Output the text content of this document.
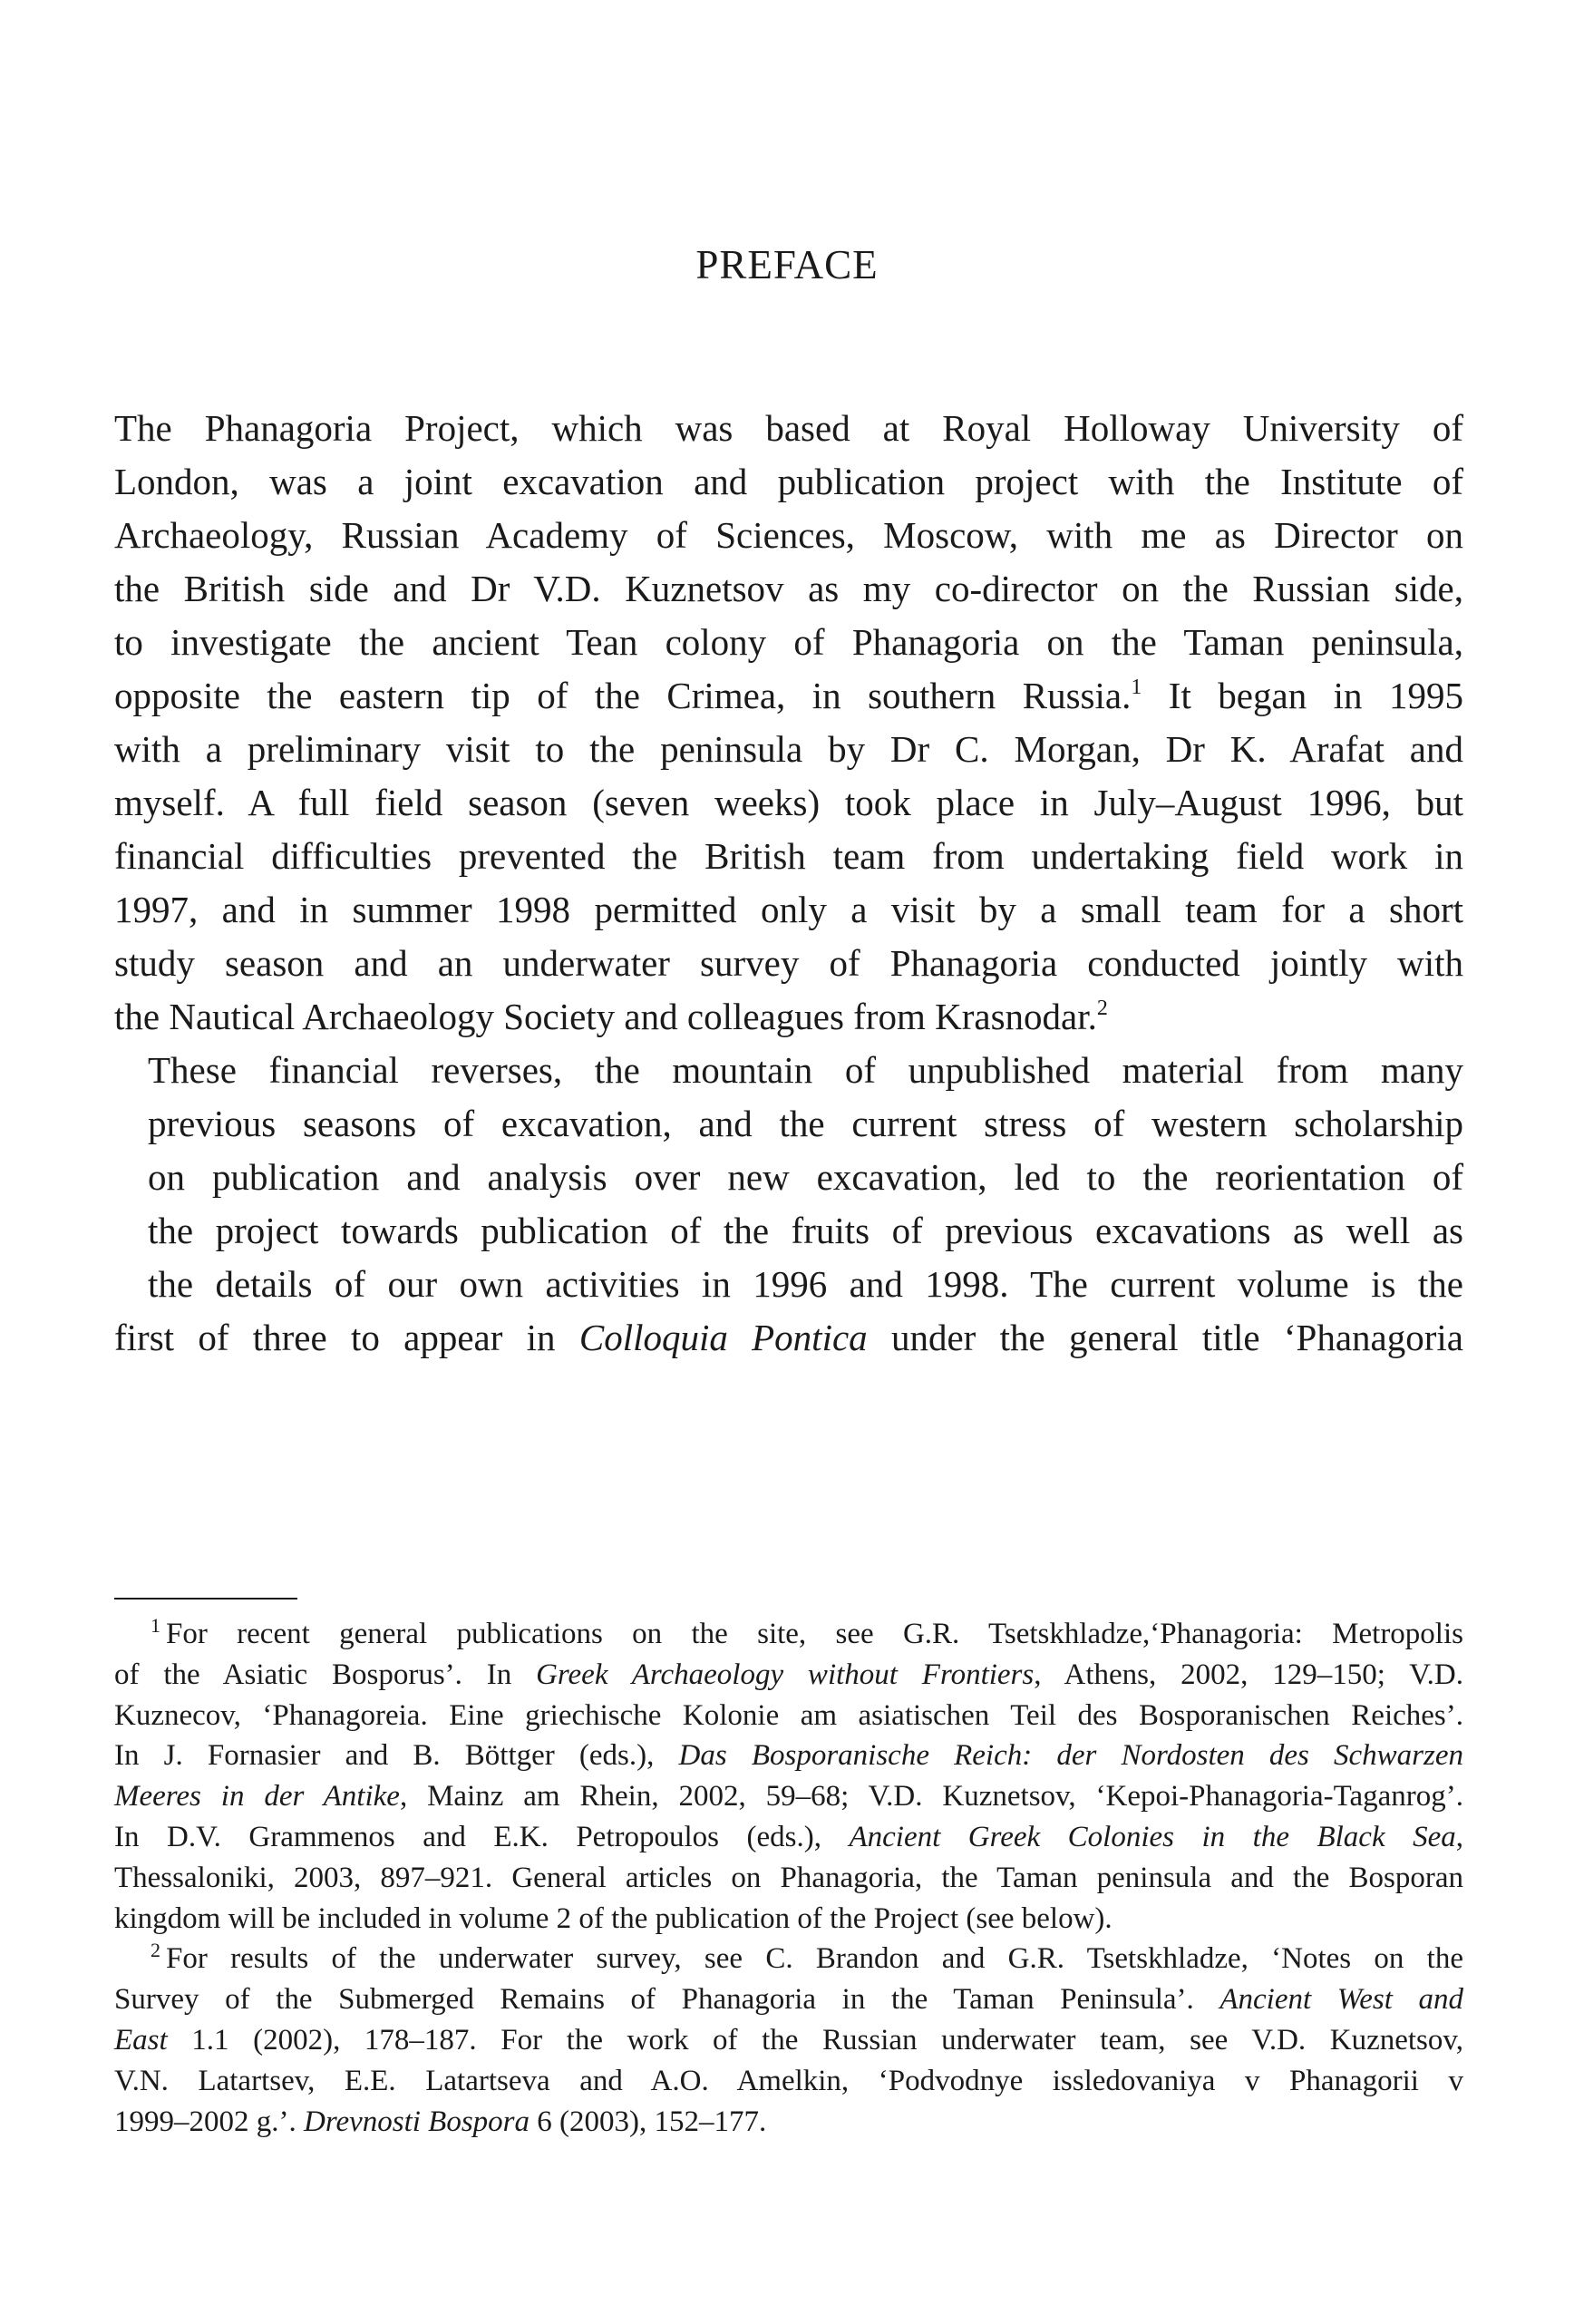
PREFACE

The Phanagoria Project, which was based at Royal Holloway University of
London, was a joint excavation and publication project with the Institute of
Archaeology, Russian Academy of Sciences, Moscow, with me as Director on
the British side and Dr V.D. Kuznetsov as my co-director on the Russian side,
to investigate the ancient Tean colony of Phanagoria on the Taman peninsula,
opposite the eastern tip of the Crimea, in southern Russia.$^1$ It began in 1995
with a preliminary visit to the peninsula by Dr C. Morgan, Dr K. Arafat and
myself. A full field season (seven weeks) took place in July–August 1996, but
financial difficulties prevented the British team from undertaking field work in
1997, and in summer 1998 permitted only a visit by a small team for a short
study season and an underwater survey of Phanagoria conducted jointly with
the Nautical Archaeology Society and colleagues from Krasnodar.$^2$

These financial reverses, the mountain of unpublished material from many
previous seasons of excavation, and the current stress of western scholarship
on publication and analysis over new excavation, led to the reorientation of
the project towards publication of the fruits of previous excavations as well as
the details of our own activities in 1996 and 1998. The current volume is the
first of three to appear in Colloquia Pontica under the general title ‘Phanagoria

$^1$ For recent general publications on the site, see G.R. Tsetskhladze,‘Phanagoria: Metropolis
of the Asiatic Bosporus’. In Greek Archaeology without Frontiers, Athens, 2002, 129–150; V.D.
Kuznecov, ‘Phanagoreia. Eine griechische Kolonie am asiatischen Teil des Bosporanischen Reiches’.
In J. Fornasier and B. Böttger (eds.), Das Bosporanische Reich: der Nordosten des Schwarzen
Meeres in der Antike, Mainz am Rhein, 2002, 59–68; V.D. Kuznetsov, ‘Kepoi-Phanagoria-Taganrog’.
In D.V. Grammenos and E.K. Petropoulos (eds.), Ancient Greek Colonies in the Black Sea,
Thessaloniki, 2003, 897–921. General articles on Phanagoria, the Taman peninsula and the Bosporan
kingdom will be included in volume 2 of the publication of the Project (see below).
$^2$ For results of the underwater survey, see C. Brandon and G.R. Tsetskhladze, ‘Notes on the
Survey of the Submerged Remains of Phanagoria in the Taman Peninsula’. Ancient West and
East 1.1 (2002), 178–187. For the work of the Russian underwater team, see V.D. Kuznetsov,
V.N. Latartsev, E.E. Latartseva and A.O. Amelkin, ‘Podvodnye issledovaniya v Phanagorii v
1999–2002 g.’. Drevnosti Bospora 6 (2003), 152–177.
